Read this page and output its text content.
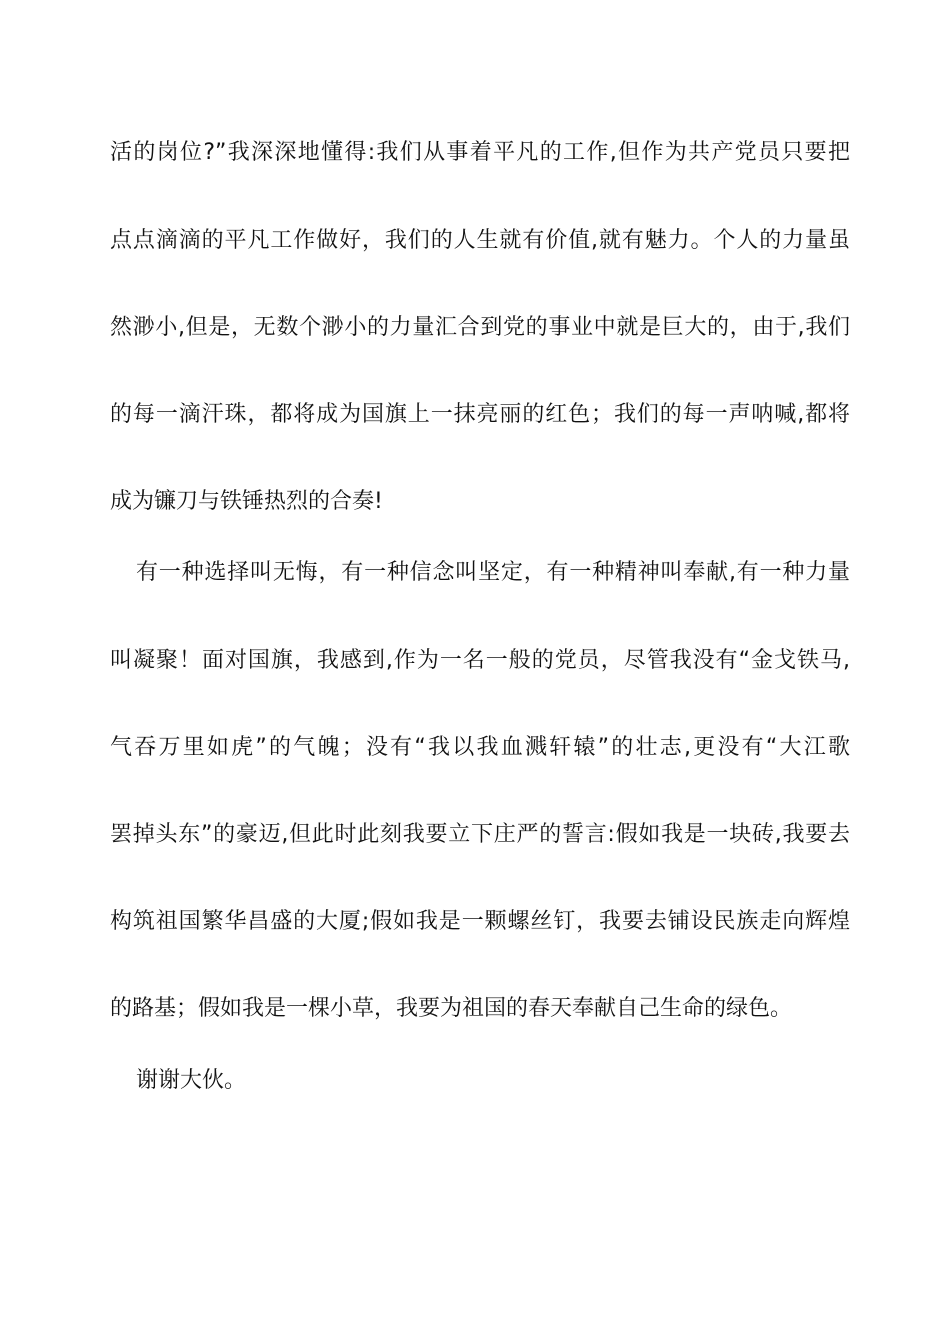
活的岗位?”我深深地懂得:我们从事着平凡的工作,但作为共产党员只要把
点点滴滴的平凡工作做好，我们的人生就有价值,就有魅力。个人的力量虽
然渺小,但是，无数个渺小的力量汇合到党的事业中就是巨大的，由于,我们
的每一滴汗珠，都将成为国旗上一抹亮丽的红色；我们的每一声呐喊,都将
成为镰刀与铁锤热烈的合奏!
有一种选择叫无悔，有一种信念叫坚定，有一种精神叫奉献,有一种力量
叫凝聚！面对国旗，我感到,作为一名一般的党员，尽管我没有“金戈铁马,
气吞万里如虎”的气魄；没有“我以我血溅轩辕”的壮志,更没有“大江歌
罢掉头东”的豪迈,但此时此刻我要立下庄严的誓言:假如我是一块砖,我要去
构筑祖国繁华昌盛的大厦;假如我是一颗螺丝钉，我要去铺设民族走向辉煌
的路基；假如我是一棵小草，我要为祖国的春天奉献自己生命的绿色。
谢谢大伙。
